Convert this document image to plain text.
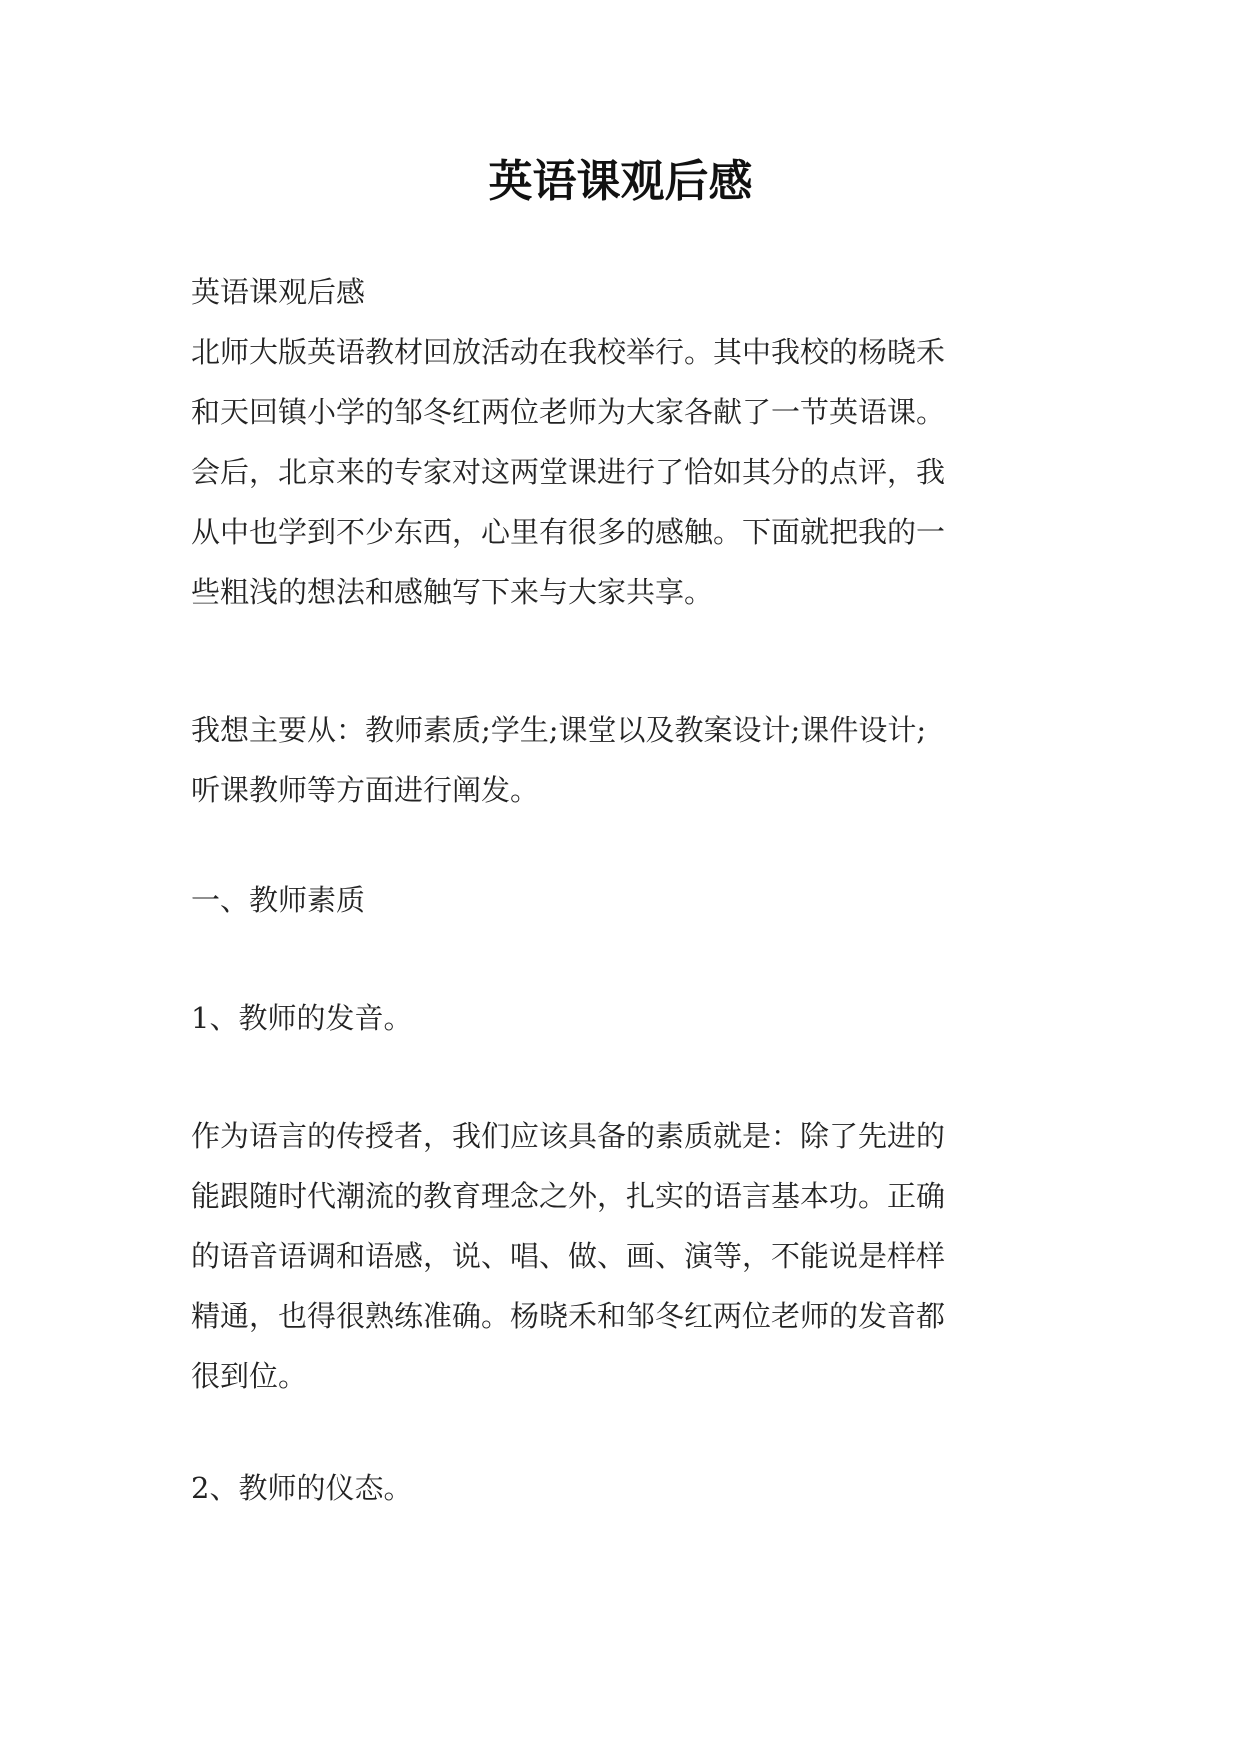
英语课观后感
英语课观后感
北师大版英语教材回放活动在我校举行。其中我校的杨晓禾
和天回镇小学的邹冬红两位老师为大家各献了一节英语课。
会后，北京来的专家对这两堂课进行了恰如其分的点评，我
从中也学到不少东西，心里有很多的感触。下面就把我的一
些粗浅的想法和感触写下来与大家共享。
我想主要从：教师素质;学生;课堂以及教案设计;课件设计;
听课教师等方面进行阐发。
一、教师素质
1、教师的发音。
作为语言的传授者，我们应该具备的素质就是：除了先进的
能跟随时代潮流的教育理念之外，扎实的语言基本功。正确
的语音语调和语感，说、唱、做、画、演等，不能说是样样
精通，也得很熟练准确。杨晓禾和邹冬红两位老师的发音都
很到位。
2、教师的仪态。
